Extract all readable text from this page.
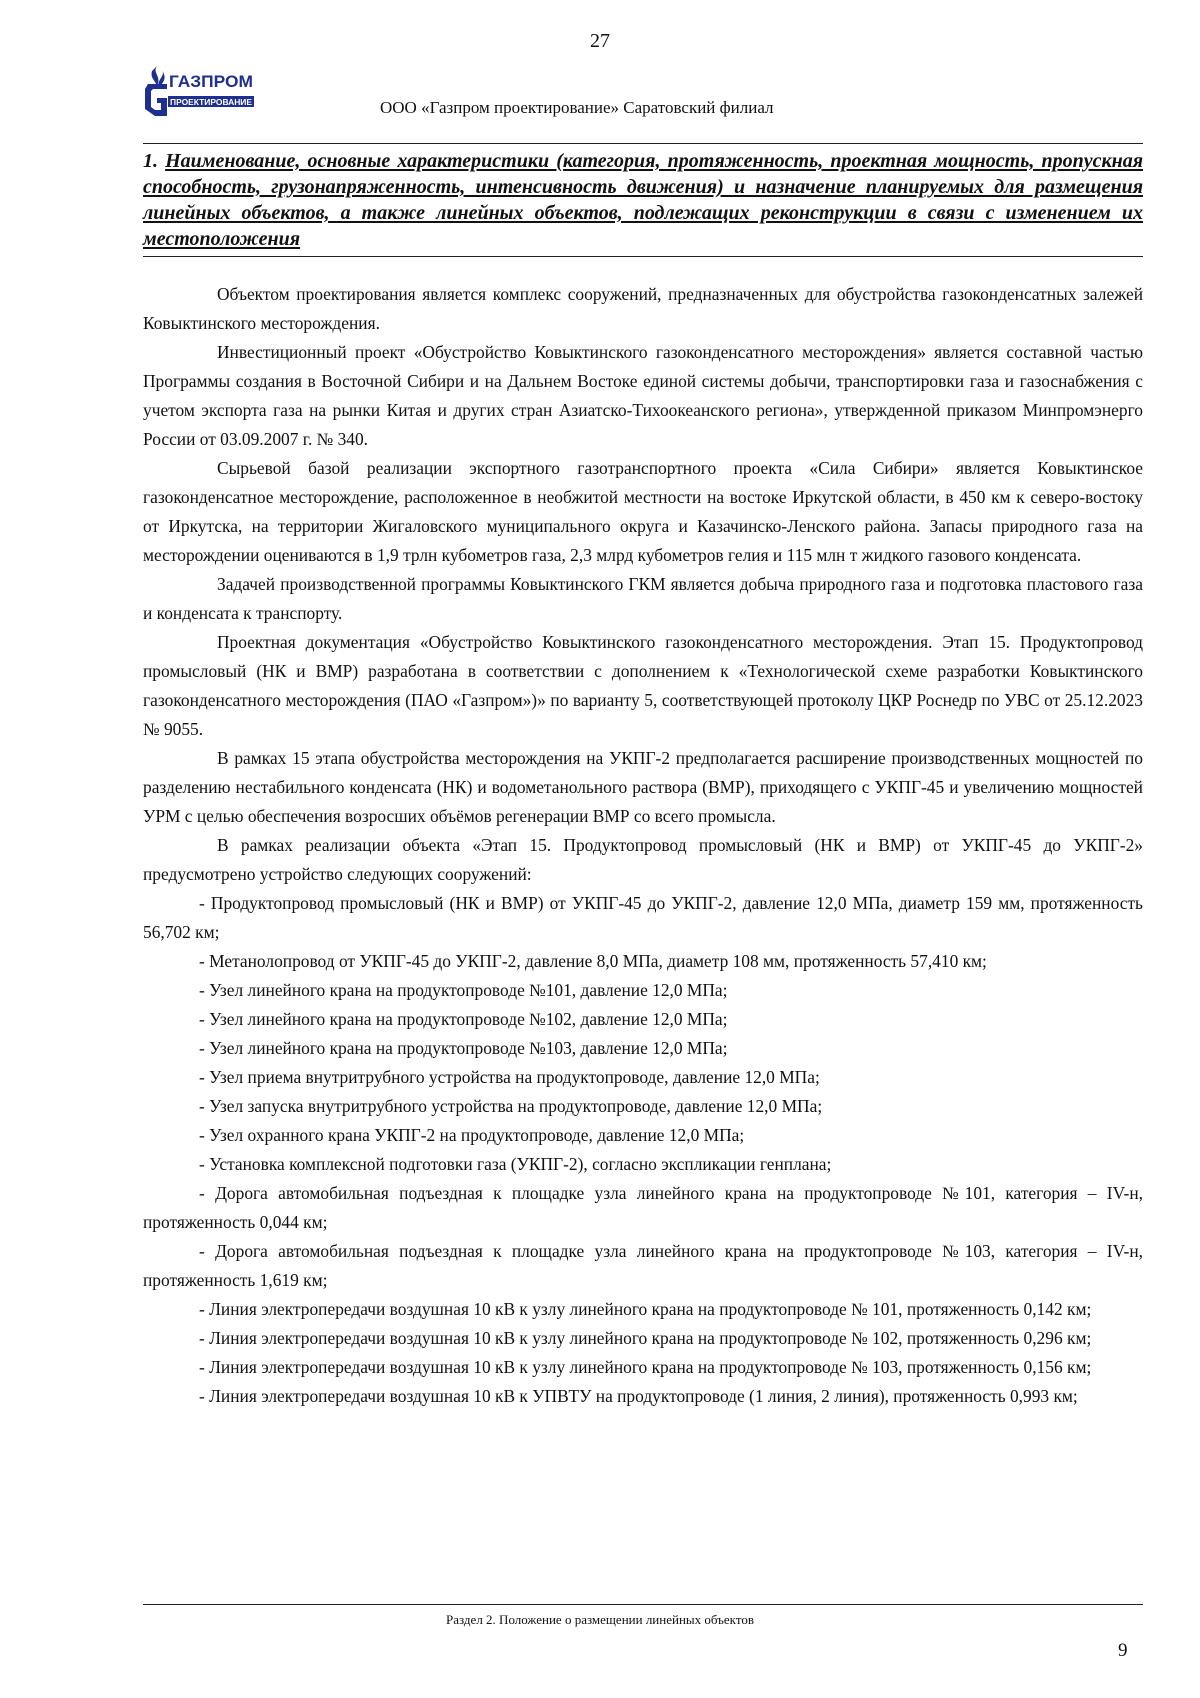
27
ГАЗПРОМ
ПРОЕКТИРОВАНИЕ	ООО «Газпром проектирование» Саратовский филиал
1. Наименование, основные характеристики (категория, протяженность, проектная мощность, пропускная способность, грузонапряженность, интенсивность движения) и назначение планируемых для размещения линейных объектов, а также линейных объектов, подлежащих реконструкции в связи с изменением их местоположения

Объектом проектирования является комплекс сооружений, предназначенных для обустройства газоконденсатных залежей Ковыктинского месторождения.

Инвестиционный проект «Обустройство Ковыктинского газоконденсатного месторождения» является составной частью Программы создания в Восточной Сибири и на Дальнем Востоке единой системы добычи, транспортировки газа и газоснабжения с учетом экспорта газа на рынки Китая и других стран Азиатско-Тихоокеанского региона», утвержденной приказом Минпромэнерго России от 03.09.2007 г. № 340.

Сырьевой базой реализации экспортного газотранспортного проекта «Сила Сибири» является Ковыктинское газоконденсатное месторождение, расположенное в необжитой местности на востоке Иркутской области, в 450 км к северо-востоку от Иркутска, на территории Жигаловского муниципального округа и Казачинско-Ленского района. Запасы природного газа на месторождении оцениваются в 1,9 трлн кубометров газа, 2,3 млрд кубометров гелия и 115 млн т жидкого газового конденсата.

Задачей производственной программы Ковыктинского ГКМ является добыча природного газа и подготовка пластового газа и конденсата к транспорту.

Проектная документация «Обустройство Ковыктинского газоконденсатного месторождения. Этап 15. Продуктопровод промысловый (НК и ВМР) разработана в соответствии с дополнением к «Технологической схеме разработки Ковыктинского газоконденсатного месторождения (ПАО «Газпром»)» по варианту 5, соответствующей протоколу ЦКР Роснедр по УВС от 25.12.2023 № 9055.

В рамках 15 этапа обустройства месторождения на УКПГ-2 предполагается расширение производственных мощностей по разделению нестабильного конденсата (НК) и водометанольного раствора (ВМР), приходящего с УКПГ-45 и увеличению мощностей УРМ с целью обеспечения возросших объёмов регенерации ВМР со всего промысла.

В рамках реализации объекта «Этап 15. Продуктопровод промысловый (НК и ВМР) от УКПГ-45 до УКПГ-2» предусмотрено устройство следующих сооружений:

- Продуктопровод промысловый (НК и ВМР) от УКПГ-45 до УКПГ-2, давление 12,0 МПа, диаметр 159 мм, протяженность 56,702 км;

- Метанолопровод от УКПГ-45 до УКПГ-2, давление 8,0 МПа, диаметр 108 мм, протяженность 57,410 км;

- Узел линейного крана на продуктопроводе №101, давление 12,0 МПа;

- Узел линейного крана на продуктопроводе №102, давление 12,0 МПа;

- Узел линейного крана на продуктопроводе №103, давление 12,0 МПа;

- Узел приема внутритрубного устройства на продуктопроводе, давление 12,0 МПа;

- Узел запуска внутритрубного устройства на продуктопроводе, давление 12,0 МПа;

- Узел охранного крана УКПГ-2 на продуктопроводе, давление 12,0 МПа;

- Установка комплексной подготовки газа (УКПГ-2), согласно экспликации генплана;

- Дорога автомобильная подъездная к площадке узла линейного крана на продуктопроводе №101, категория – IV-н, протяженность 0,044 км;

- Дорога автомобильная подъездная к площадке узла линейного крана на продуктопроводе №103, категория – IV-н, протяженность 1,619 км;

- Линия электропередачи воздушная 10 кВ к узлу линейного крана на продуктопроводе № 101, протяженность 0,142 км;

- Линия электропередачи воздушная 10 кВ к узлу линейного крана на продуктопроводе № 102, протяженность 0,296 км;

- Линия электропередачи воздушная 10 кВ к узлу линейного крана на продуктопроводе № 103, протяженность 0,156 км;

- Линия электропередачи воздушная 10 кВ к УПВТУ на продуктопроводе (1 линия, 2 линия), протяженность 0,993 км;

Раздел 2. Положение о размещении линейных объектов
9
